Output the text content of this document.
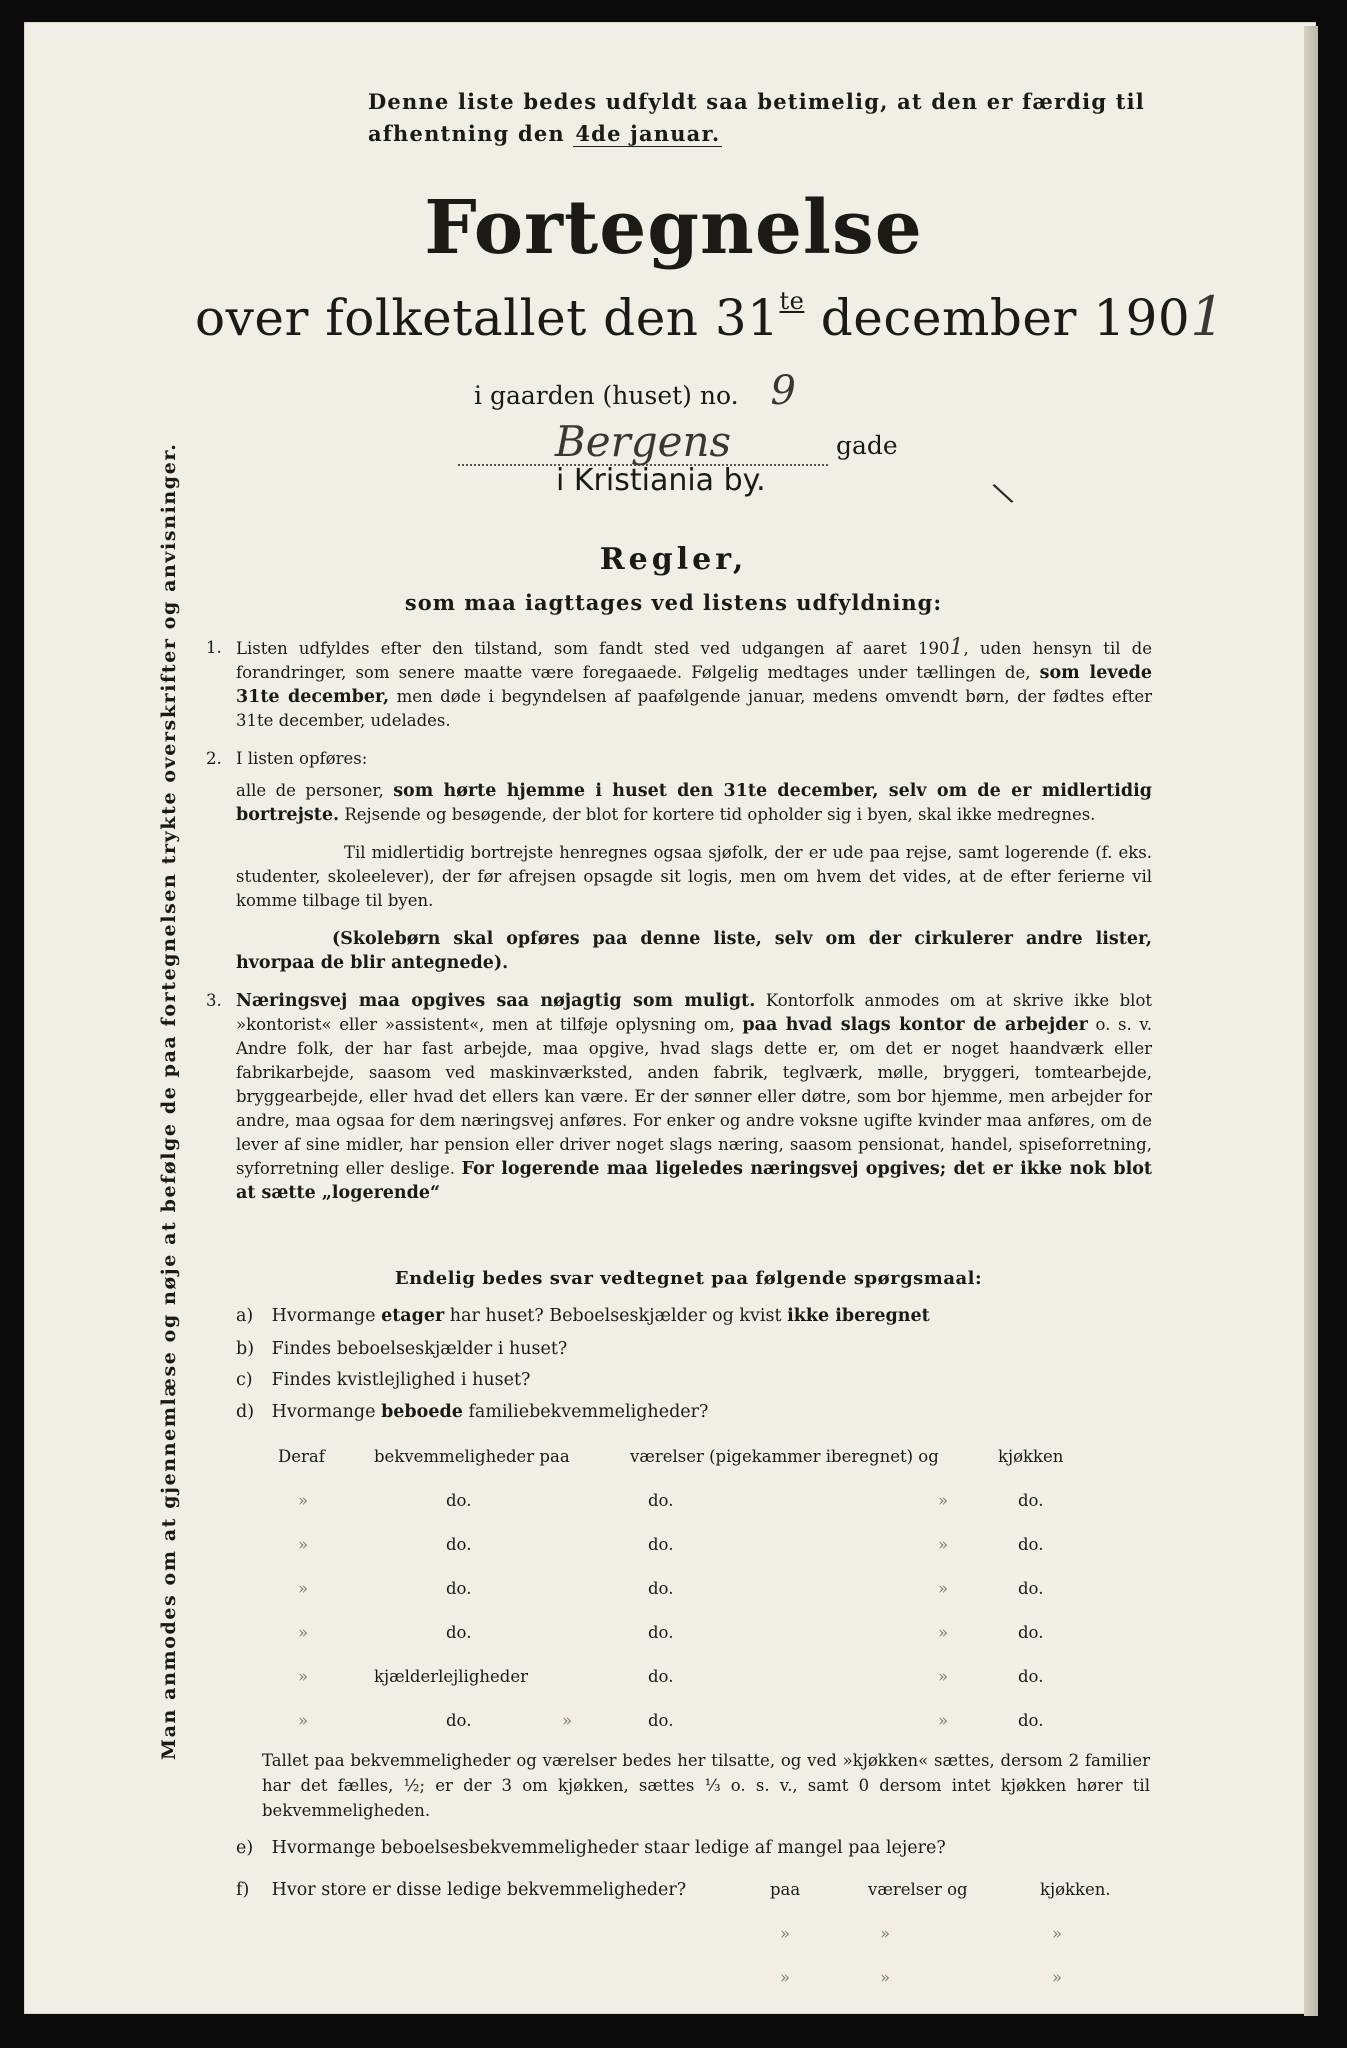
Denne liste bedes udfyldt saa betimelig, at den er færdig til
afhentning den 4de januar.
Fortegnelse
over folketallet den $31^{te}$ december 1901
i gaarden (huset) no. 9
Bergens	gade
i Kristiania by.	\
Regler,
som maa iagttages ved listens udfyldning:
Man anmodes om at gjennemlæse og nøje at befølge de paa fortegnelsen trykte overskrifter og anvisninger. 1. Listen udfyldes efter den tilstand, som fandt sted ved udgangen af aaret 1901, uden hensyn til de forandringer, som senere maatte være foregaaede. Følgelig medtages under tællingen de, som levede 31te december, men døde i begyndelsen af paafølgende januar, medens omvendt børn, der fødtes efter 31te december, udelades.

2. I listen opføres:

alle de personer, som hørte hjemme i huset den 31te december, selv om de er midlertidig bortrejste. Rejsende og besøgende, der blot for kortere tid opholder sig i byen, skal ikke medregnes.

Til midlertidig bortrejste henregnes ogsaa sjøfolk, der er ude paa rejse, samt logerende (f. eks. studenter, skoleelever), der før afrejsen opsagde sit logis, men om hvem det vides, at de efter ferierne vil komme tilbage til byen.

(Skolebørn skal opføres paa denne liste, selv om der cirkulerer andre lister, hvorpaa de blir antegnede).

3. Næringsvej maa opgives saa nøjagtig som muligt. Kontorfolk anmodes om at skrive ikke blot »kontorist« eller »assistent«, men at tilføje oplysning om, paa hvad slags kontor de arbejder o. s. v. Andre folk, der har fast arbejde, maa opgive, hvad slags dette er, om det er noget haandværk eller fabrikarbejde, saasom ved maskinværksted, anden fabrik, teglværk, mølle, bryggeri, tomtearbejde, bryggearbejde, eller hvad det ellers kan være. Er der sønner eller døtre, som bor hjemme, men arbejder for andre, maa ogsaa for dem næringsvej anføres. For enker og andre voksne ugifte kvinder maa anføres, om de lever af sine midler, har pension eller driver noget slags næring, saasom pensionat, handel, spiseforretning, syforretning eller deslige. For logerende maa ligeledes næringsvej opgives; det er ikke nok blot at sætte „logerende“

Endelig bedes svar vedtegnet paa følgende spørgsmaal:
a) Hvormange etager har huset? Beboelseskjælder og kvist ikke iberegnet
b) Findes beboelseskjælder i huset?
c) Findes kvistlejlighed i huset?
d) Hvormange beboede familiebekvemmeligheder?
Deraf	bekvemmeligheder paa	værelser (pigekammer iberegnet) og	kjøkken
»	do.	do.	»	do.
»	do.	do.	»	do.
»	do.	do.	»	do.
»	do.	do.	»	do.
»	kjælderlejligheder	do.	»	do.
»	do.	»	do.	»	do.
Tallet paa bekvemmeligheder og værelser bedes her tilsatte, og ved »kjøkken« sættes, dersom 2 familier har det fælles, ½; er der 3 om kjøkken, sættes ⅓ o. s. v., samt 0 dersom intet kjøkken hører til bekvemmeligheden.
e) Hvormange beboelsesbekvemmeligheder staar ledige af mangel paa lejere?
f) Hvor store er disse ledige bekvemmeligheder?	paa	værelser og	kjøkken.
»	»	»
»	»	»
